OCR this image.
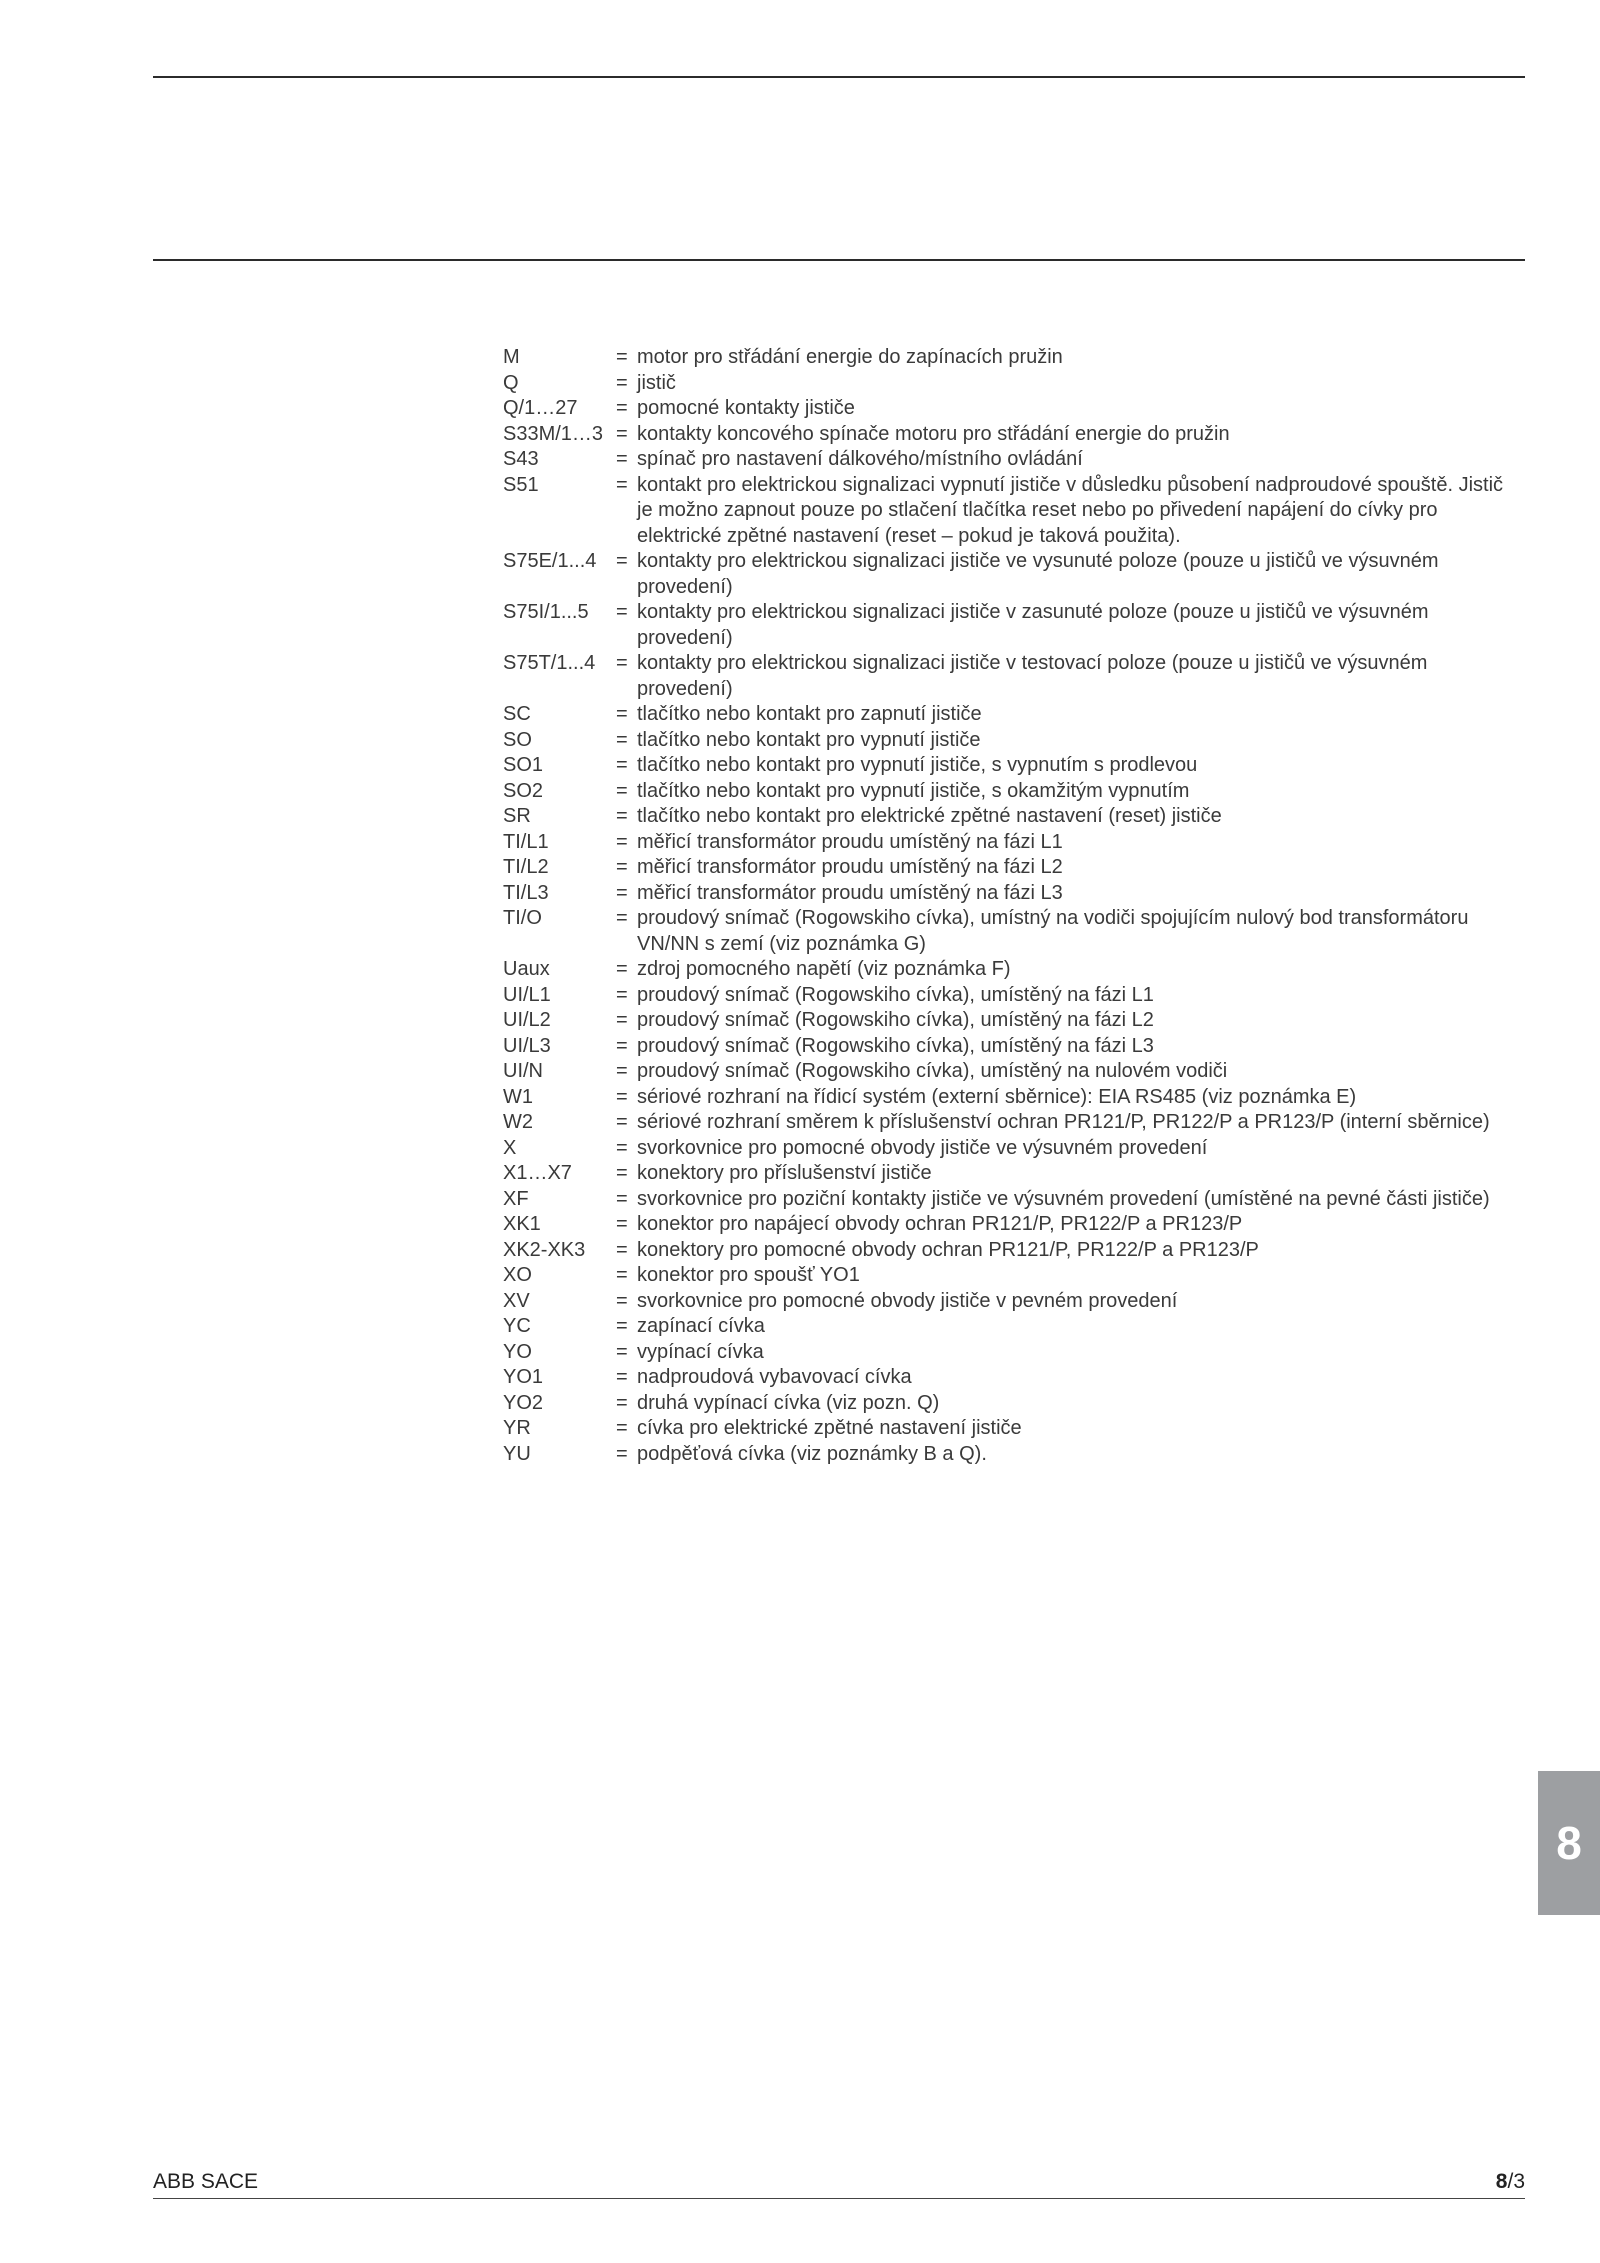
M	= motor pro střádání energie do zapínacích pružin
Q	= jistič
Q/1…27	= pomocné kontakty jističe
S33M/1…3 = kontakty koncového spínače motoru pro střádání energie do pružin
S43	= spínač pro nastavení dálkového/místního ovládání
S51	= kontakt pro elektrickou signalizaci vypnutí jističe v důsledku působení nadproudové spouště. Jistič je možno zapnout pouze po stlačení tlačítka reset nebo po přivedení napájení do cívky pro elektrické zpětné nastavení (reset – pokud je taková použita).
S75E/1...4 = kontakty pro elektrickou signalizaci jističe ve vysunuté poloze (pouze u jističů ve výsuvném provedení)
S75I/1...5	= kontakty pro elektrickou signalizaci jističe v zasunuté poloze (pouze u jističů ve výsuvném provedení)
S75T/1...4	= kontakty pro elektrickou signalizaci jističe v testovací poloze (pouze u jističů ve výsuvném provedení)
SC	= tlačítko nebo kontakt pro zapnutí jističe
SO	= tlačítko nebo kontakt pro vypnutí jističe
SO1	= tlačítko nebo kontakt pro vypnutí jističe, s vypnutím s prodlevou
SO2	= tlačítko nebo kontakt pro vypnutí jističe, s okamžitým vypnutím
SR	= tlačítko nebo kontakt pro elektrické zpětné nastavení (reset) jističe
TI/L1	= měřicí transformátor proudu umístěný na fázi L1
TI/L2	= měřicí transformátor proudu umístěný na fázi L2
TI/L3	= měřicí transformátor proudu umístěný na fázi L3
TI/O	= proudový snímač (Rogowskiho cívka), umístný na vodiči spojujícím nulový bod transformátoru VN/NN s zemí (viz poznámka G)
Uaux	= zdroj pomocného napětí (viz poznámka F)
UI/L1	= proudový snímač (Rogowskiho cívka), umístěný na fázi L1
UI/L2	= proudový snímač (Rogowskiho cívka), umístěný na fázi L2
UI/L3	= proudový snímač (Rogowskiho cívka), umístěný na fázi L3
UI/N	= proudový snímač (Rogowskiho cívka), umístěný na nulovém vodiči
W1	= sériové rozhraní na řídicí systém (externí sběrnice): EIA RS485 (viz poznámka E)
W2	= sériové rozhraní směrem k příslušenství ochran PR121/P, PR122/P a PR123/P (interní sběrnice)
X	= svorkovnice pro pomocné obvody jističe ve výsuvném provedení
X1…X7	= konektory pro příslušenství jističe
XF	= svorkovnice pro poziční kontakty jističe ve výsuvném provedení (umístěné na pevné části jističe)
XK1	= konektor pro napájecí obvody ochran PR121/P, PR122/P a PR123/P
XK2-XK3	= konektory pro pomocné obvody ochran PR121/P, PR122/P a PR123/P
XO	= konektor pro spoušť YO1
XV	= svorkovnice pro pomocné obvody jističe v pevném provedení
YC	= zapínací cívka
YO	= vypínací cívka
YO1	= nadproudová vybavovací cívka
YO2	= druhá vypínací cívka (viz pozn. Q)
YR	= cívka pro elektrické zpětné nastavení jističe
YU	= podpěťová cívka (viz poznámky B a Q).
8
ABB SACE	8/3
